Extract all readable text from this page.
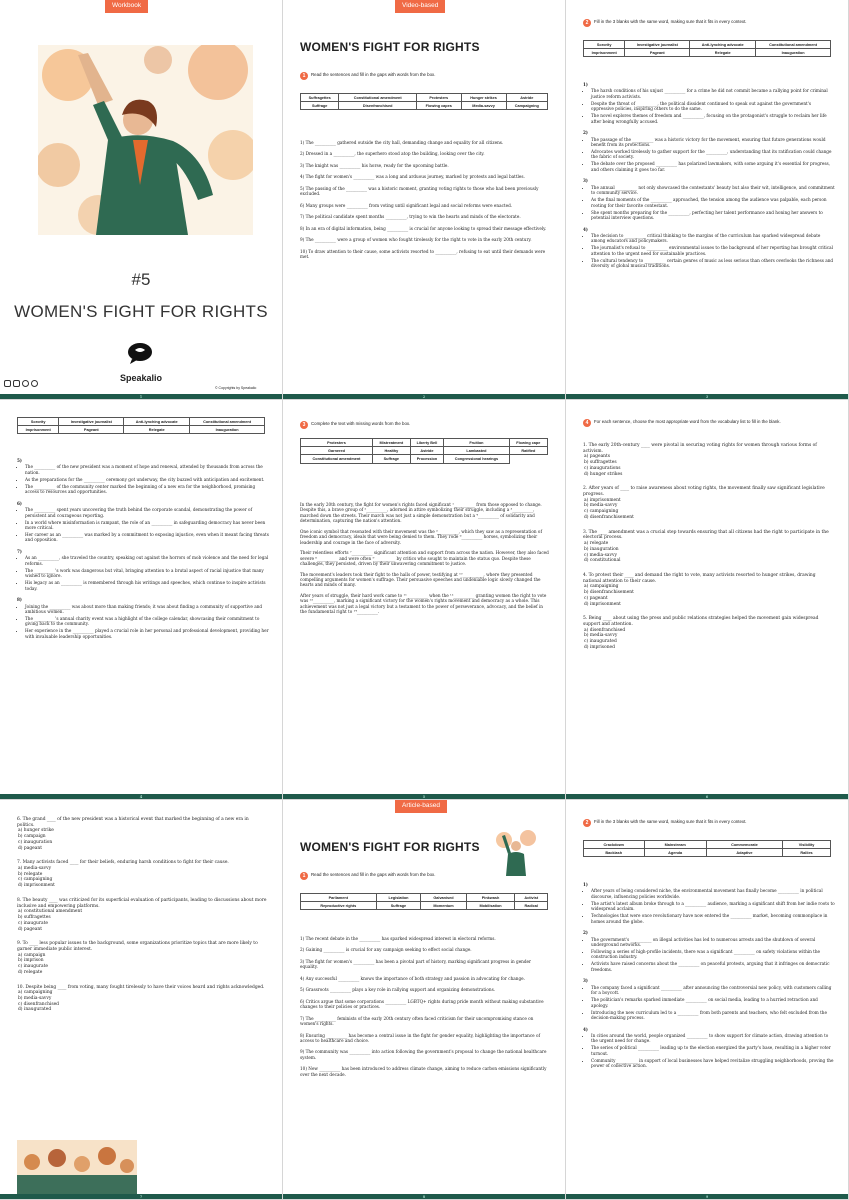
Workbook
#5
WOMEN'S FIGHT FOR RIGHTS
Speakalio
© Copyrights by Speakalio
1
Video-based
WOMEN'S FIGHT FOR RIGHTS
1	Read the sentences and fill in the gaps with words from the box.
Suffragettes	Constitutional amendment	Protesters	Hunger strikes	Astride
Suffrage	Disenfranchised	Flowing capes	Media-savvy	Campaigning
1) The __________ gathered outside the city hall, demanding change and equality for all citizens.
2) Dressed in a __________, the superhero stood atop the building, looking over the city.
3) The knight was __________ his horse, ready for the upcoming battle.
4) The fight for women's __________ was a long and arduous journey, marked by protests and legal battles.
5) The passing of the __________ was a historic moment, granting voting rights to those who had been previously excluded.
6) Many groups were __________ from voting until significant legal and social reforms were enacted.
7) The political candidate spent months __________, trying to win the hearts and minds of the electorate.
8) In an era of digital information, being __________ is crucial for anyone looking to spread their message effectively.
9) The __________ were a group of women who fought tirelessly for the right to vote in the early 20th century.
10) To draw attention to their cause, some activists resorted to __________, refusing to eat until their demands were met.
2
2	Fill in the 3 blanks with the same word, making sure that it fits in every context.
Sorority	Investigative journalist	Anti-lynching advocate	Constitutional amendment
Imprisonment	Pageant	Relegate	Inauguration
1)
• The harsh conditions of his unjust __________ for a crime he did not commit became a rallying point for criminal justice reform activists.
• Despite the threat of __________, the political dissident continued to speak out against the government's oppressive policies, inspiring others to do the same.
• The novel explores themes of freedom and __________, focusing on the protagonist's struggle to reclaim her life after being wrongfully accused.
2)
• The passage of the __________ was a historic victory for the movement, ensuring that future generations would benefit from its protections.
• Advocates worked tirelessly to gather support for the __________, understanding that its ratification could change the fabric of society.
• The debate over the proposed __________ has polarized lawmakers, with some arguing it's essential for progress, and others claiming it goes too far.
3)
• The annual __________ not only showcased the contestants' beauty but also their wit, intelligence, and commitment to community service.
• As the final moments of the __________ approached, the tension among the audience was palpable, each person rooting for their favorite contestant.
• She spent months preparing for the __________, perfecting her talent performance and honing her answers to potential interview questions.
4)
• The decision to __________ critical thinking to the margins of the curriculum has sparked widespread debate among educators and policymakers.
• The journalist's refusal to __________ environmental issues to the background of her reporting has brought critical attention to the urgent need for sustainable practices.
• The cultural tendency to __________ certain genres of music as less serious than others overlooks the richness and diversity of global musical traditions.
3
Sorority	Investigative journalist	Anti-lynching advocate	Constitutional amendment
Imprisonment	Pageant	Relegate	Inauguration
5)
• The __________ of the new president was a moment of hope and renewal, attended by thousands from across the nation.
• As the preparations for the __________ ceremony got underway, the city buzzed with anticipation and excitement.
• The __________ of the community center marked the beginning of a new era for the neighborhood, promising access to resources and opportunities.
6)
• The __________ spent years uncovering the truth behind the corporate scandal, demonstrating the power of persistent and courageous reporting.
• In a world where misinformation is rampant, the role of an __________ in safeguarding democracy has never been more critical.
• Her career as an __________ was marked by a commitment to exposing injustice, even when it meant facing threats and opposition.
7)
• As an __________, she traveled the country, speaking out against the horrors of mob violence and the need for legal reforms.
• The __________'s work was dangerous but vital, bringing attention to a brutal aspect of racial injustice that many wished to ignore.
• His legacy as an __________ is remembered through his writings and speeches, which continue to inspire activists today.
8)
• Joining the __________ was about more than making friends; it was about finding a community of supportive and ambitious women.
• The __________'s annual charity event was a highlight of the college calendar, showcasing their commitment to giving back to the community.
• Her experience in the __________ played a crucial role in her personal and professional development, providing her with invaluable leadership opportunities.
4
3	Complete the text with missing words from the box.
Protesters	Mistreatment	Liberty Bell	Fruition	Flowing cape
Garnered	Healthy	Astride	Lambasted	Ratified
Constitutional amendment	Suffrage	Procession	Congressional hearings	

In the early 20th century, the fight for women's rights faced significant ¹__________ from those opposed to change. Despite this, a brave group of ²__________, adorned in attire symbolizing their struggle, including a ³__________, marched down the streets. Their march was not just a simple demonstration but a ⁴__________ of solidarity and determination, capturing the nation's attention.

One iconic symbol that resonated with their movement was the ⁵__________, which they saw as a representation of freedom and democracy, ideals that were being denied to them. They rode ⁶__________ horses, symbolizing their leadership and courage in the face of adversity.

Their relentless efforts ⁷__________ significant attention and support from across the nation. However, they also faced severe ⁸__________ and were often ⁹__________ by critics who sought to maintain the status quo. Despite these challenges, they persisted, driven by their unwavering commitment to justice.

The movement's leaders took their fight to the halls of power, testifying at ¹⁰__________, where they presented compelling arguments for women's suffrage. Their persuasive speeches and undeniable logic slowly changed the hearts and minds of many.

After years of struggle, their hard work came to ¹¹__________ when the ¹²__________ granting women the right to vote was ¹³__________, marking a significant victory for the women's rights movement and democracy as a whole. This achievement was not just a legal victory but a testament to the power of perseverance, advocacy, and the belief in the fundamental right to ¹⁴__________.

5
4	For each sentence, choose the most appropriate word from the vocabulary list to fill in the blank.
1. The early 20th-century ____ were pivotal in securing voting rights for women through various forms of activism.
a) pageants
b) suffragettes
c) inaugurations
d) hunger strikes
2. After years of ____ to raise awareness about voting rights, the movement finally saw significant legislative progress.
a) imprisonment
b) media-savvy
c) campaigning
d) disenfranchisement
3. The ____ amendment was a crucial step towards ensuring that all citizens had the right to participate in the electoral process.
a) relegate
b) inauguration
c) media-savvy
d) constitutional
4. To protest their ____ and demand the right to vote, many activists resorted to hunger strikes, drawing national attention to their cause.
a) campaigning
b) disenfranchisement
c) pageant
d) imprisonment
5. Being ____ about using the press and public relations strategies helped the movement gain widespread support and attention.
a) disenfranchised
b) media-savvy
c) inaugurated
d) imprisoned
6
6. The grand ____ of the new president was a historical event that marked the beginning of a new era in politics.
a) hunger strike
b) campaign
c) inauguration
d) pageant
7. Many activists faced ____ for their beliefs, enduring harsh conditions to fight for their cause.
a) media-savvy
b) relegate
c) campaigning
d) imprisonment
8. The beauty ____ was criticized for its superficial evaluation of participants, leading to discussions about more inclusive and empowering platforms.
a) constitutional amendment
b) suffragettes
c) inaugurate
d) pageant
9. To ____ less popular issues to the background, some organizations prioritize topics that are more likely to garner immediate public interest.
a) campaign
b) imprison
c) inaugurate
d) relegate
10. Despite being ____ from voting, many fought tirelessly to have their voices heard and rights acknowledged.
a) campaigning
b) media-savvy
c) disenfranchised
d) inaugurated
7
Article-based
WOMEN'S FIGHT FOR RIGHTS
1	Read the sentences and fill in the gaps with words from the box.
Parliament	Legislation	Galvanised	Pinkwash	Activist
Reproductive rights	Suffrage	Momentum	Mobilisation	Radical
1) The recent debate in the __________ has sparked widespread interest in electoral reforms.
2) Gaining __________ is crucial for any campaign seeking to effect social change.
3) The fight for women's __________ has been a pivotal part of history, marking significant progress in gender equality.
4) Any successful __________ knows the importance of both strategy and passion in advocating for change.
5) Grassroots __________ plays a key role in rallying support and organizing demonstrations.
6) Critics argue that some corporations __________ LGBTQ+ rights during pride month without making substantive changes to their policies or practices.
7) The __________ feminists of the early 20th century often faced criticism for their uncompromising stance on women's rights.
8) Ensuring __________ has become a central issue in the fight for gender equality, highlighting the importance of access to healthcare and choice.
9) The community was __________ into action following the government's proposal to change the national healthcare system.
10) New __________ has been introduced to address climate change, aiming to reduce carbon emissions significantly over the next decade.
8
2	Fill in the 3 blanks with the same word, making sure that it fits in every context.
Crackdown	Mainstream	Commemorate	Visibility
Backlash	Agenda	Adaptive	Rallies
1)
• After years of being considered niche, the environmental movement has finally become __________ in political discourse, influencing policies worldwide.
• The artist's latest album broke through to a __________ audience, marking a significant shift from her indie roots to widespread acclaim.
• Technologies that were once revolutionary have now entered the __________ market, becoming commonplace in homes around the globe.
2)
• The government's __________ on illegal activities has led to numerous arrests and the shutdown of several underground networks.
• Following a series of high-profile incidents, there was a significant __________ on safety violations within the construction industry.
• Activists have raised concerns about the __________ on peaceful protests, arguing that it infringes on democratic freedoms.
3)
• The company faced a significant __________ after announcing the controversial new policy, with customers calling for a boycott.
• The politician's remarks sparked immediate __________ on social media, leading to a hurried retraction and apology.
• Introducing the new curriculum led to a __________ from both parents and teachers, who felt excluded from the decision-making process.
4)
• In cities around the world, people organized __________ to show support for climate action, drawing attention to the urgent need for change.
• The series of political __________ leading up to the election energized the party's base, resulting in a higher voter turnout.
• Community __________ in support of local businesses have helped revitalize struggling neighborhoods, proving the power of collective action.
9
